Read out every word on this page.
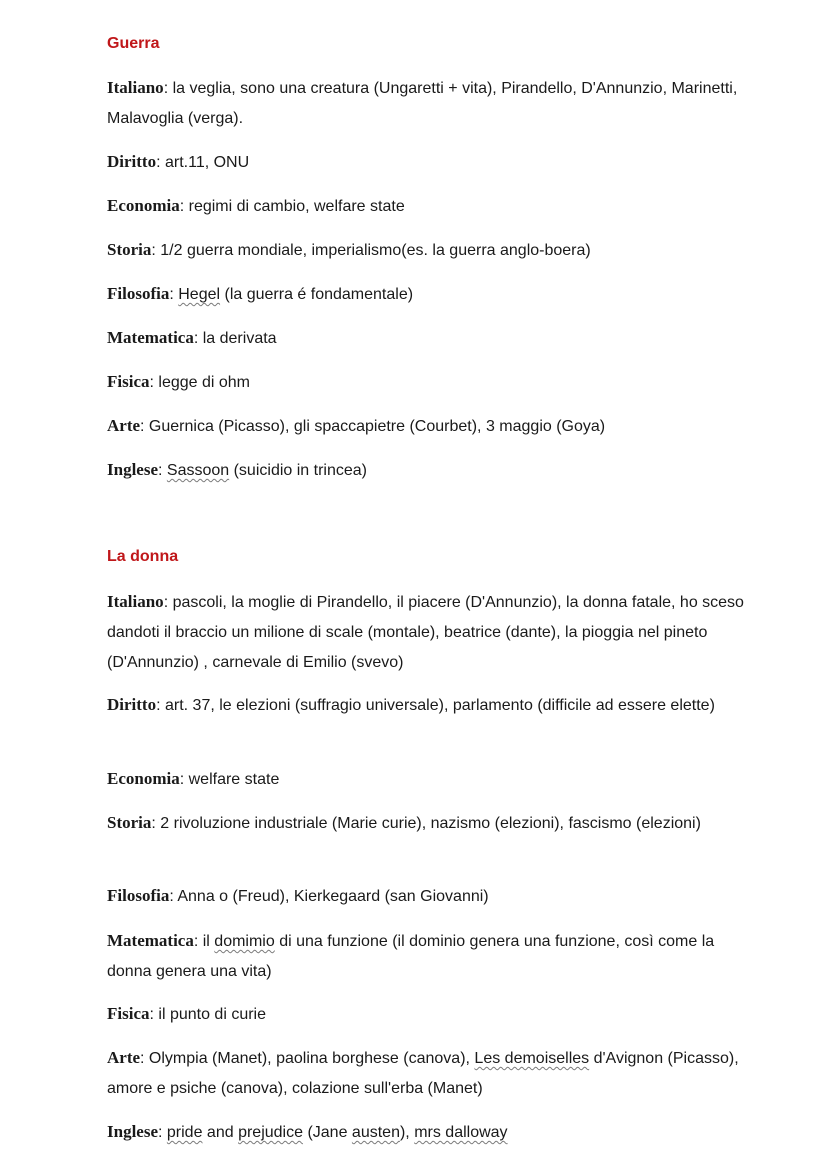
Guerra
Italiano: la veglia, sono una creatura (Ungaretti + vita), Pirandello, D'Annunzio, Marinetti, Malavoglia (verga).
Diritto: art.11, ONU
Economia: regimi di cambio, welfare state
Storia: 1/2 guerra mondiale, imperialismo(es. la guerra anglo-boera)
Filosofia: Hegel (la guerra é fondamentale)
Matematica: la derivata
Fisica: legge di ohm
Arte: Guernica (Picasso), gli spaccapietre (Courbet), 3 maggio (Goya)
Inglese: Sassoon (suicidio in trincea)
La donna
Italiano: pascoli, la moglie di Pirandello, il piacere (D'Annunzio), la donna fatale, ho sceso dandoti il braccio un milione di scale (montale), beatrice (dante), la pioggia nel pineto (D'Annunzio) , carnevale di Emilio (svevo)
Diritto: art. 37, le elezioni (suffragio universale), parlamento (difficile ad essere elette)
Economia: welfare state
Storia: 2 rivoluzione industriale (Marie curie), nazismo (elezioni), fascismo (elezioni)
Filosofia: Anna o (Freud), Kierkegaard (san Giovanni)
Matematica: il domimio di una funzione (il dominio genera una funzione, così come la donna genera una vita)
Fisica: il punto di curie
Arte: Olympia (Manet), paolina borghese (canova), Les demoiselles d'Avignon (Picasso), amore e psiche (canova), colazione sull'erba (Manet)
Inglese: pride and prejudice (Jane austen), mrs dalloway
